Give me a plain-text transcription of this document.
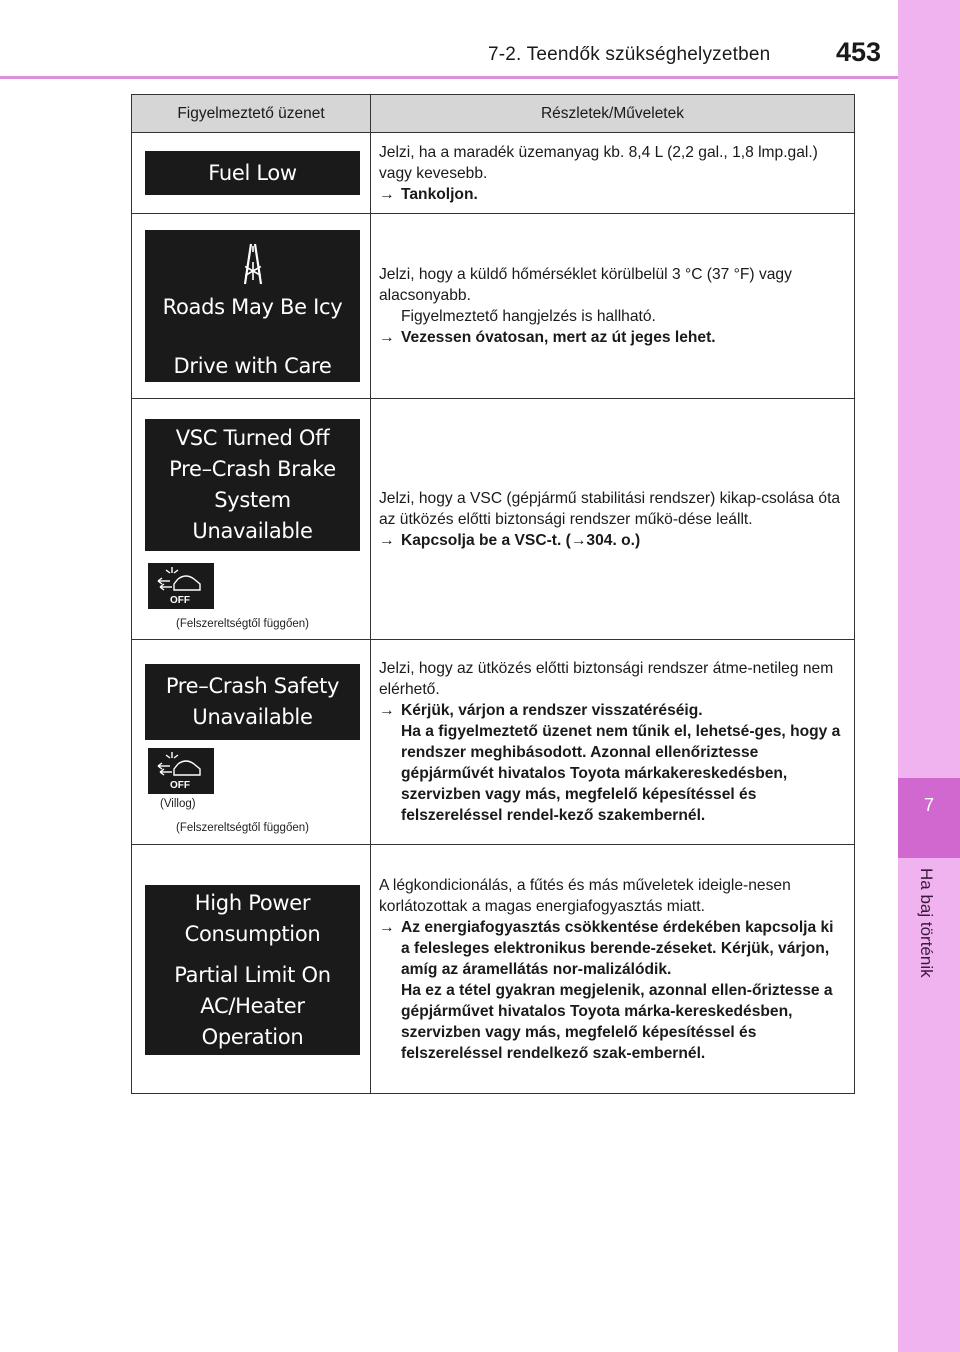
7-2. Teendők szükséghelyzetben 453
7
Ha baj történik
Figyelmeztető üzenet	Részletek/Műveletek
Fuel Low
Jelzi, ha a maradék üzemanyag kb. 8,4 L (2,2 gal., 1,8 lmp.gal.) vagy kevesebb.
→ Tankoljon.
Roads May Be Icy
Drive with Care
Jelzi, hogy a küldő hőmérséklet körülbelül 3 °C (37 °F) vagy alacsonyabb.
Figyelmeztető hangjelzés is hallható.
→ Vezessen óvatosan, mert az út jeges lehet.
VSC Turned Off
Pre–Crash Brake
System
Unavailable
OFF
(Felszereltségtől függően)
Jelzi, hogy a VSC (gépjármű stabilitási rendszer) kikap-csolása óta az ütközés előtti biztonsági rendszer műkö-dése leállt.
→ Kapcsolja be a VSC-t. (→304. o.)
Pre–Crash Safety
Unavailable
OFF
(Villog)
(Felszereltségtől függően)
Jelzi, hogy az ütközés előtti biztonsági rendszer átme-netileg nem elérhető.
→ Kérjük, várjon a rendszer visszatéréséig.
Ha a figyelmeztető üzenet nem tűnik el, lehetsé-ges, hogy a rendszer meghibásodott. Azonnal ellenőriztesse gépjárművét hivatalos Toyota márkakereskedésben, szervizben vagy más, megfelelő képesítéssel és felszereléssel rendel-kező szakembernél.
High Power
Consumption
Partial Limit On
AC/Heater
Operation
A légkondicionálás, a fűtés és más műveletek ideigle-nesen korlátozottak a magas energiafogyasztás miatt.
→ Az energiafogyasztás csökkentése érdekében kapcsolja ki a felesleges elektronikus berende-zéseket. Kérjük, várjon, amíg az áramellátás nor-malizálódik.
Ha ez a tétel gyakran megjelenik, azonnal ellen-őriztesse a gépjárművet hivatalos Toyota márka-kereskedésben, szervizben vagy más, megfelelő képesítéssel és felszereléssel rendelkező szak-embernél.
